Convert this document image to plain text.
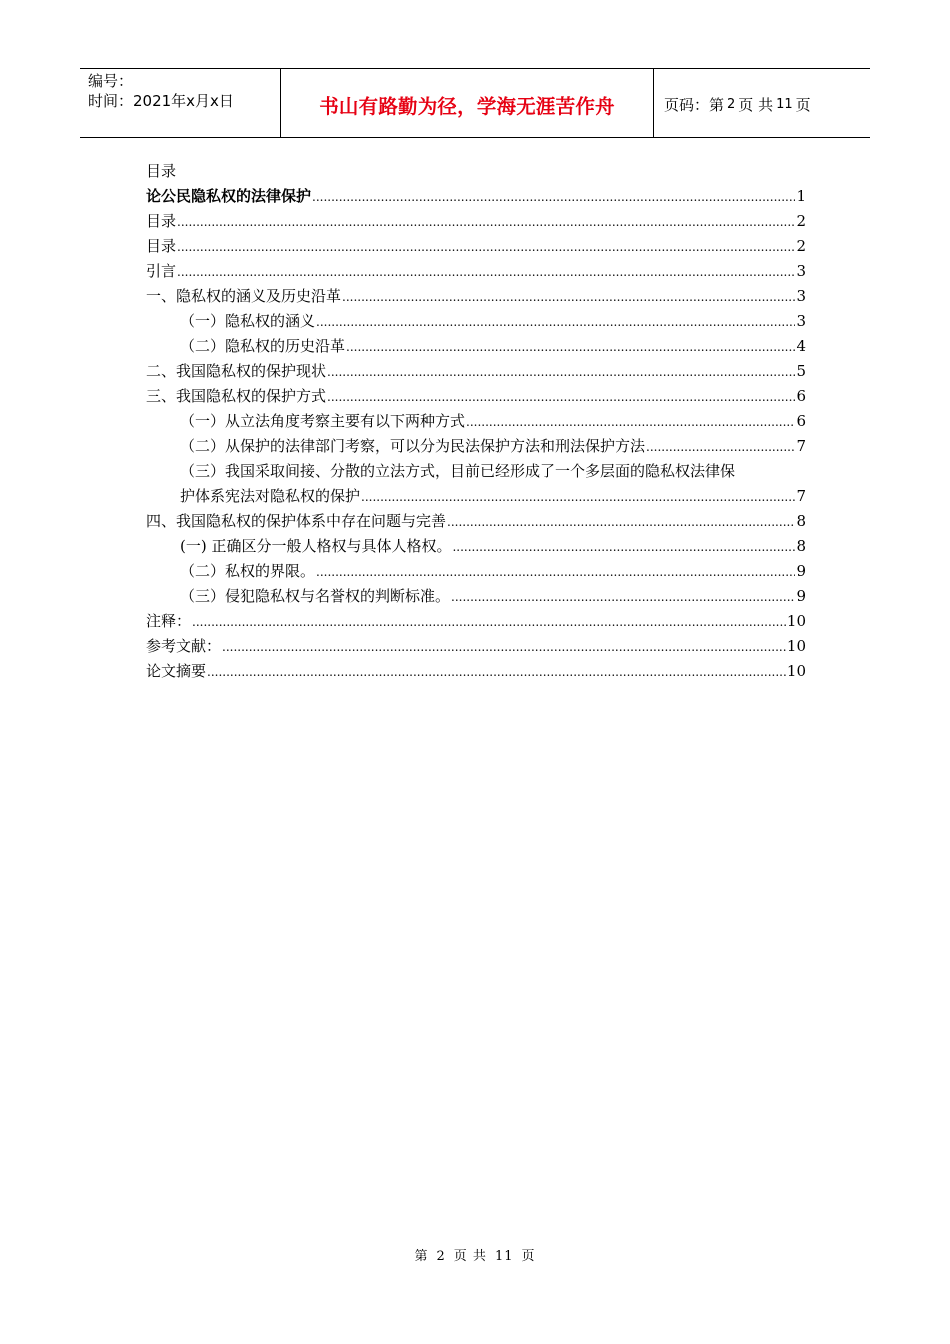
编号：
时间：2021年x月x日	书山有路勤为径，学海无涯苦作舟	页码：第 2 页 共 11 页
目录
论公民隐私权的法律保护 .....	1
目录 .....	2
目录 .....	2
引言 .....	3
一、隐私权的涵义及历史沿革 .....	3
（一）隐私权的涵义 .....	3
（二）隐私权的历史沿革 .....	4
二、我国隐私权的保护现状 .....	5
三、我国隐私权的保护方式 .....	6
（一）从立法角度考察主要有以下两种方式 .....	6
（二）从保护的法律部门考察，可以分为民法保护方法和刑法保护方法 .....	7
（三）我国采取间接、分散的立法方式，目前已经形成了一个多层面的隐私权法律保
护体系宪法对隐私权的保护 .....	7
四、我国隐私权的保护体系中存在问题与完善 .....	8
(一) 正确区分一般人格权与具体人格权。 .....	8
（二）私权的界限。 .....	9
（三）侵犯隐私权与名誉权的判断标准。 .....	9
注释： .....	10
参考文献： .....	10
论文摘要 .....	10
第 2 页 共 11 页
